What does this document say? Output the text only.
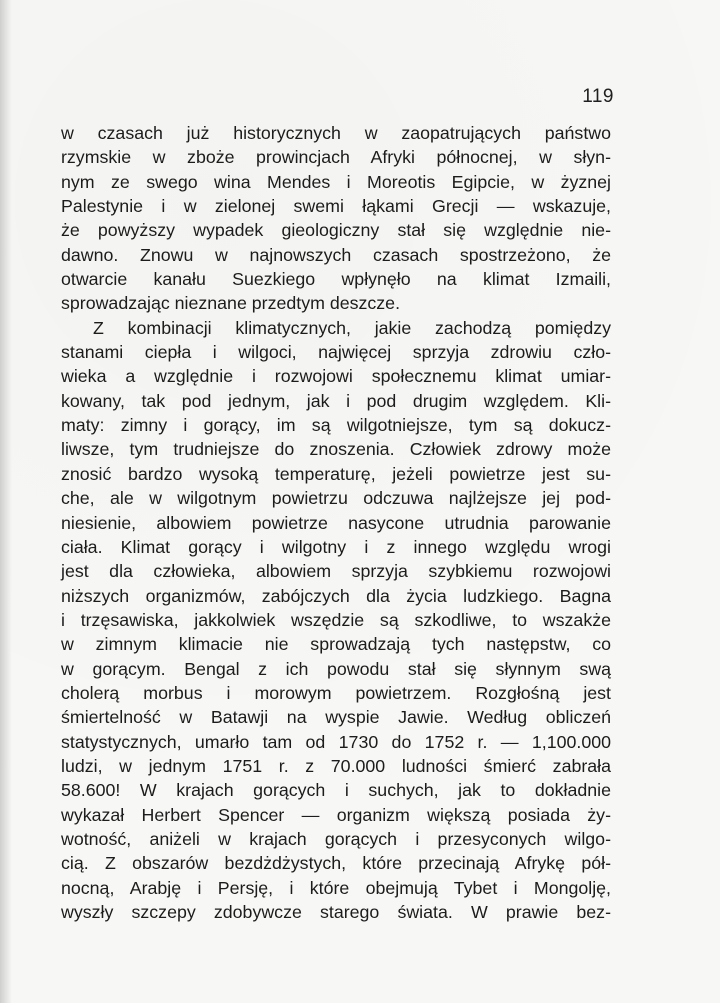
119
w czasach już historycznych w zaopatrujących państwo
rzymskie w zboże prowincjach Afryki północnej, w słyn-
nym ze swego wina Mendes i Moreotis Egipcie, w żyznej
Palestynie i w zielonej swemi łąkami Grecji — wskazuje,
że powyższy wypadek gieologiczny stał się względnie nie-
dawno. Znowu w najnowszych czasach spostrzeżono, że
otwarcie kanału Suezkiego wpłynęło na klimat Izmaili,
sprowadzając nieznane przedtym deszcze.
Z kombinacji klimatycznych, jakie zachodzą pomiędzy
stanami ciepła i wilgoci, najwięcej sprzyja zdrowiu czło-
wieka a względnie i rozwojowi społecznemu klimat umiar-
kowany, tak pod jednym, jak i pod drugim względem. Kli-
maty: zimny i gorący, im są wilgotniejsze, tym są dokucz-
liwsze, tym trudniejsze do znoszenia. Człowiek zdrowy może
znosić bardzo wysoką temperaturę, jeżeli powietrze jest su-
che, ale w wilgotnym powietrzu odczuwa najlżejsze jej pod-
niesienie, albowiem powietrze nasycone utrudnia parowanie
ciała. Klimat gorący i wilgotny i z innego względu wrogi
jest dla człowieka, albowiem sprzyja szybkiemu rozwojowi
niższych organizmów, zabójczych dla życia ludzkiego. Bagna
i trzęsawiska, jakkolwiek wszędzie są szkodliwe, to wszakże
w zimnym klimacie nie sprowadzają tych następstw, co
w gorącym. Bengal z ich powodu stał się słynnym swą
cholerą morbus i morowym powietrzem. Rozgłośną jest
śmiertelność w Batawji na wyspie Jawie. Według obliczeń
statystycznych, umarło tam od 1730 do 1752 r. — 1,100.000
ludzi, w jednym 1751 r. z 70.000 ludności śmierć zabrała
58.600! W krajach gorących i suchych, jak to dokładnie
wykazał Herbert Spencer — organizm większą posiada ży-
wotność, aniżeli w krajach gorących i przesyconych wilgo-
cią. Z obszarów bezdżdżystych, które przecinają Afrykę pół-
nocną, Arabję i Persję, i które obejmują Tybet i Mongolję,
wyszły szczepy zdobywcze starego świata. W prawie bez-
